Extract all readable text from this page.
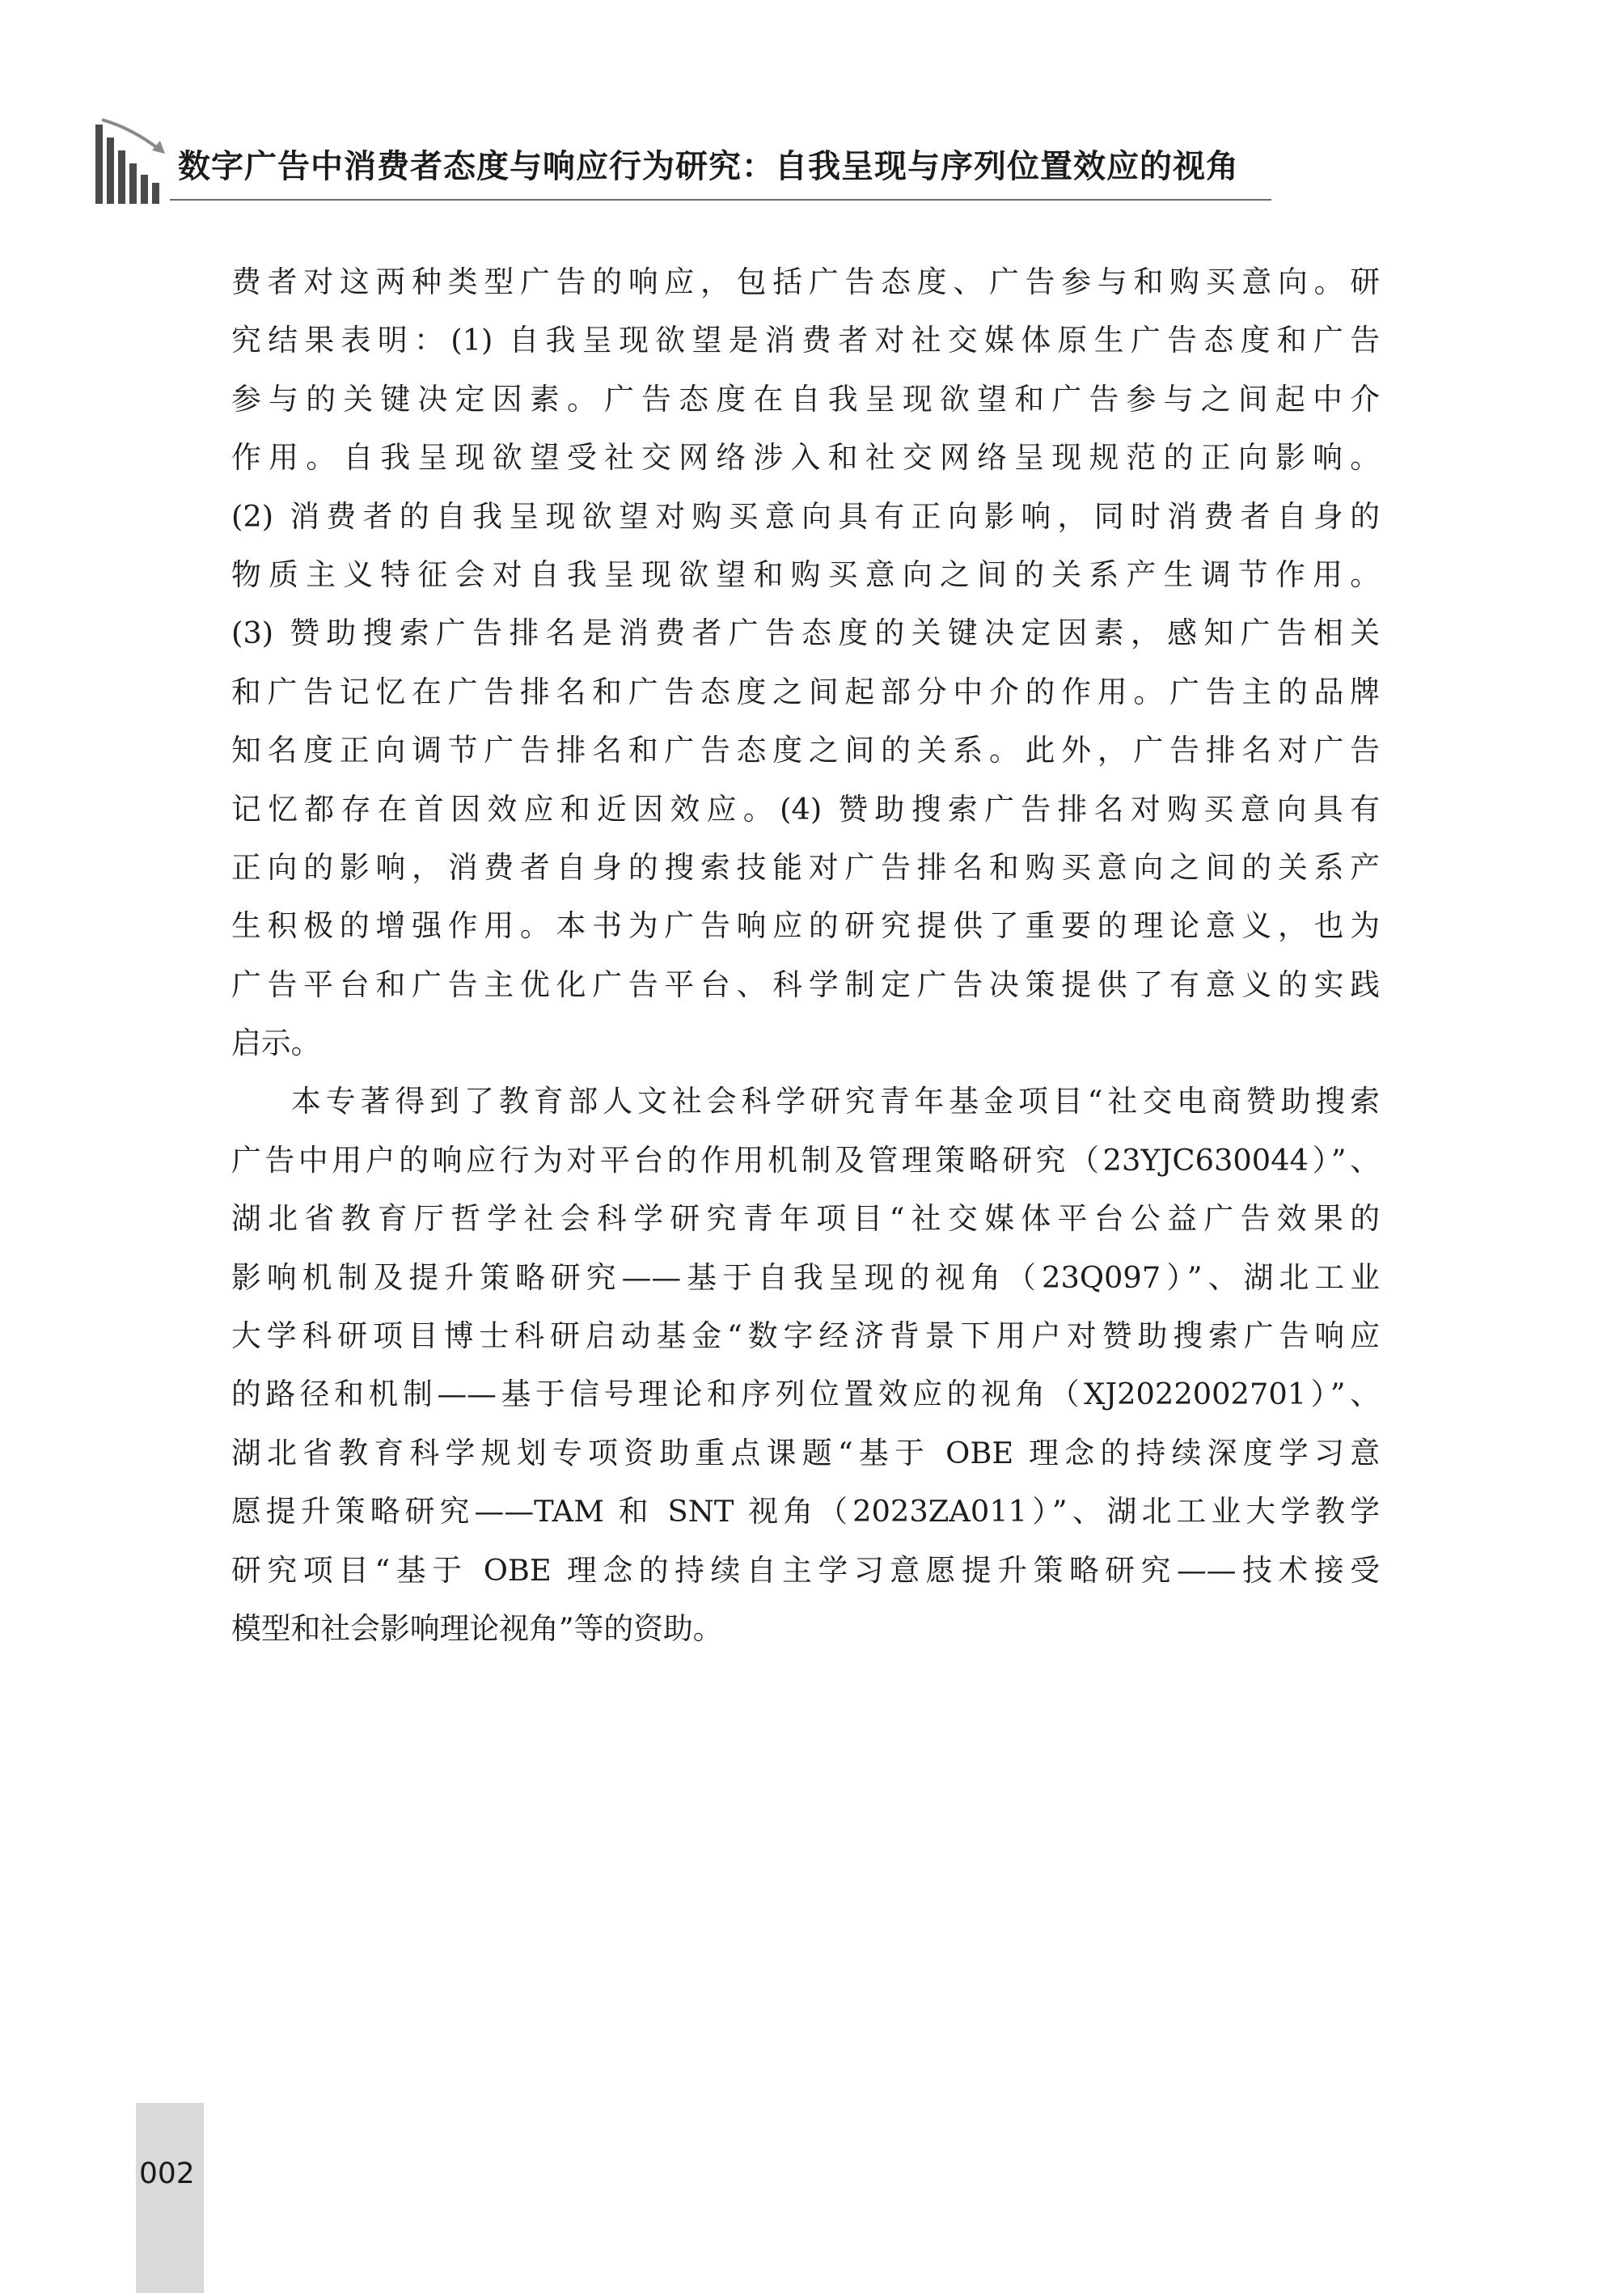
数字广告中消费者态度与响应行为研究：自我呈现与序列位置效应的视角
费者对这两种类型广告的响应，包括广告态度、广告参与和购买意向。研
究结果表明：(1) 自我呈现欲望是消费者对社交媒体原生广告态度和广告
参与的关键决定因素。广告态度在自我呈现欲望和广告参与之间起中介
作用。自我呈现欲望受社交网络涉入和社交网络呈现规范的正向影响。
(2) 消费者的自我呈现欲望对购买意向具有正向影响，同时消费者自身的
物质主义特征会对自我呈现欲望和购买意向之间的关系产生调节作用。
(3) 赞助搜索广告排名是消费者广告态度的关键决定因素，感知广告相关
和广告记忆在广告排名和广告态度之间起部分中介的作用。广告主的品牌
知名度正向调节广告排名和广告态度之间的关系。此外，广告排名对广告
记忆都存在首因效应和近因效应。(4) 赞助搜索广告排名对购买意向具有
正向的影响，消费者自身的搜索技能对广告排名和购买意向之间的关系产
生积极的增强作用。本书为广告响应的研究提供了重要的理论意义，也为
广告平台和广告主优化广告平台、科学制定广告决策提供了有意义的实践
启示。
本专著得到了教育部人文社会科学研究青年基金项目“社交电商赞助搜索
广告中用户的响应行为对平台的作用机制及管理策略研究（23YJC630044）”、
湖北省教育厅哲学社会科学研究青年项目“社交媒体平台公益广告效果的
影响机制及提升策略研究——基于自我呈现的视角（23Q097）”、湖北工业
大学科研项目博士科研启动基金“数字经济背景下用户对赞助搜索广告响应
的路径和机制——基于信号理论和序列位置效应的视角（XJ2022002701）”、
湖北省教育科学规划专项资助重点课题“基于 OBE 理念的持续深度学习意
愿提升策略研究——TAM 和 SNT 视角（2023ZA011）”、湖北工业大学教学
研究项目“基于 OBE 理念的持续自主学习意愿提升策略研究——技术接受
模型和社会影响理论视角”等的资助。
002
